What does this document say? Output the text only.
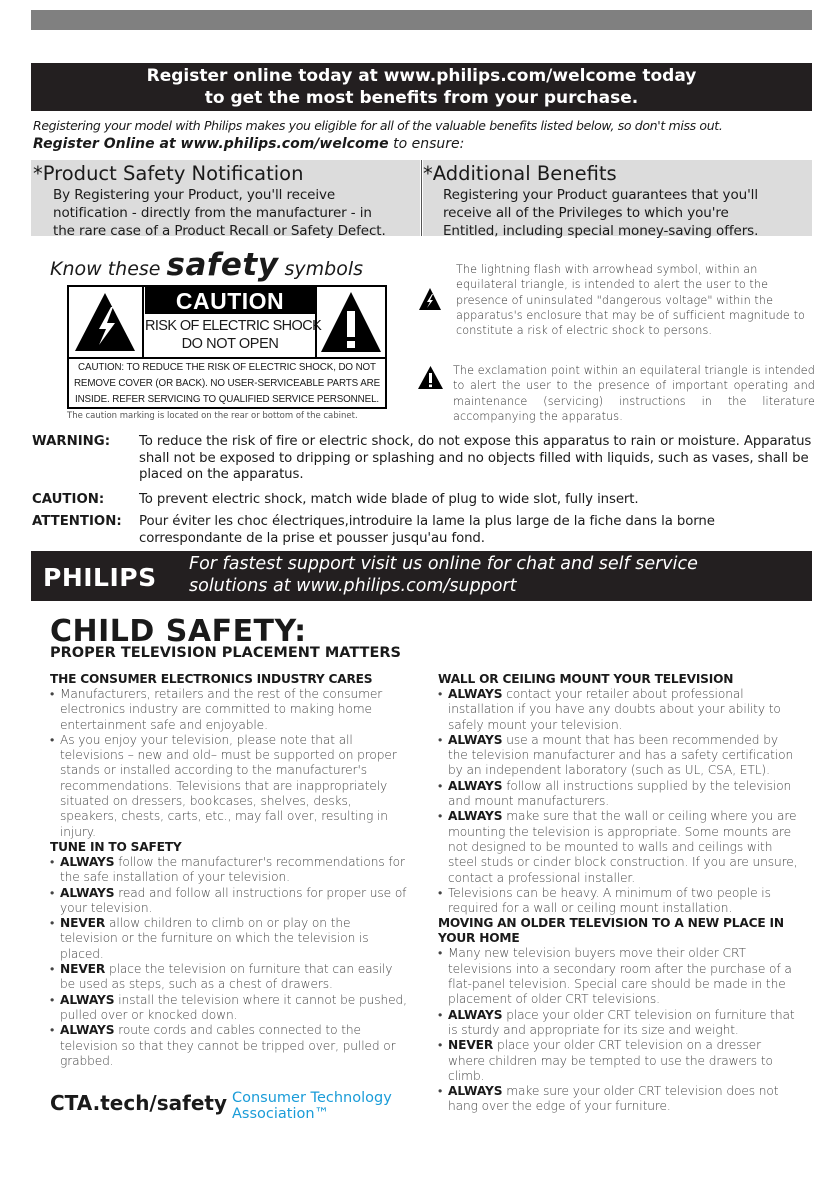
Register online today at www.philips.com/welcome today
to get the most benefits from your purchase.
Registering your model with Philips makes you eligible for all of the valuable benefits listed below, so don't miss out.
Register Online at www.philips.com/welcome to ensure:
*Product Safety Notification
By Registering your Product, you'll receive
notification - directly from the manufacturer - in
the rare case of a Product Recall or Safety Defect.
*Additional Benefits
Registering your Product guarantees that you'll
receive all of the Privileges to which you're
Entitled, including special money-saving offers.
Know these safety symbols
CAUTION
RISK OF ELECTRIC SHOCK
DO NOT OPEN
CAUTION: TO REDUCE THE RISK OF ELECTRIC SHOCK, DO NOT
REMOVE COVER (OR BACK). NO USER-SERVICEABLE PARTS ARE
INSIDE. REFER SERVICING TO QUALIFIED SERVICE PERSONNEL.
The caution marking is located on the rear or bottom of the cabinet.
The lightning flash with arrowhead symbol, within an equilateral triangle, is intended to alert the user to the presence of uninsulated "dangerous voltage" within the apparatus's enclosure that may be of sufficient magnitude to constitute a risk of electric shock to persons.
The exclamation point within an equilateral triangle is intended to alert the user to the presence of important operating and maintenance (servicing) instructions in the literature accompanying the apparatus.
WARNING: To reduce the risk of fire or electric shock, do not expose this apparatus to rain or moisture. Apparatus shall not be exposed to dripping or splashing and no objects filled with liquids, such as vases, shall be placed on the apparatus.
CAUTION:	To prevent electric shock, match wide blade of plug to wide slot, fully insert.
ATTENTION: Pour éviter les choc électriques,introduire la lame la plus large de la fiche dans la borne correspondante de la prise et pousser jusqu'au fond.
PHILIPS For fastest support visit us online for chat and self service
solutions at www.philips.com/support
CHILD SAFETY:
PROPER TELEVISION PLACEMENT MATTERS
THE CONSUMER ELECTRONICS INDUSTRY CARES
• Manufacturers, retailers and the rest of the consumer electronics industry are committed to making home entertainment safe and enjoyable.
• As you enjoy your television, please note that all televisions – new and old– must be supported on proper stands or installed according to the manufacturer's recommendations. Televisions that are inappropriately situated on dressers, bookcases, shelves, desks, speakers, chests, carts, etc., may fall over, resulting in injury.
TUNE IN TO SAFETY
• ALWAYS follow the manufacturer's recommendations for the safe installation of your television.
• ALWAYS read and follow all instructions for proper use of your television.
• NEVER allow children to climb on or play on the television or the furniture on which the television is placed.
• NEVER place the television on furniture that can easily be used as steps, such as a chest of drawers.
• ALWAYS install the television where it cannot be pushed, pulled over or knocked down.
• ALWAYS route cords and cables connected to the television so that they cannot be tripped over, pulled or grabbed.
WALL OR CEILING MOUNT YOUR TELEVISION
• ALWAYS contact your retailer about professional installation if you have any doubts about your ability to safely mount your television.
• ALWAYS use a mount that has been recommended by the television manufacturer and has a safety certification by an independent laboratory (such as UL, CSA, ETL).
• ALWAYS follow all instructions supplied by the television and mount manufacturers.
• ALWAYS make sure that the wall or ceiling where you are mounting the television is appropriate. Some mounts are not designed to be mounted to walls and ceilings with steel studs or cinder block construction. If you are unsure, contact a professional installer.
• Televisions can be heavy. A minimum of two people is required for a wall or ceiling mount installation.
MOVING AN OLDER TELEVISION TO A NEW PLACE IN YOUR HOME
• Many new television buyers move their older CRT televisions into a secondary room after the purchase of a flat-panel television. Special care should be made in the placement of older CRT televisions.
• ALWAYS place your older CRT television on furniture that is sturdy and appropriate for its size and weight.
• NEVER place your older CRT television on a dresser where children may be tempted to use the drawers to climb.
• ALWAYS make sure your older CRT television does not hang over the edge of your furniture.
CTA.tech/safety Consumer Technology
Association™
